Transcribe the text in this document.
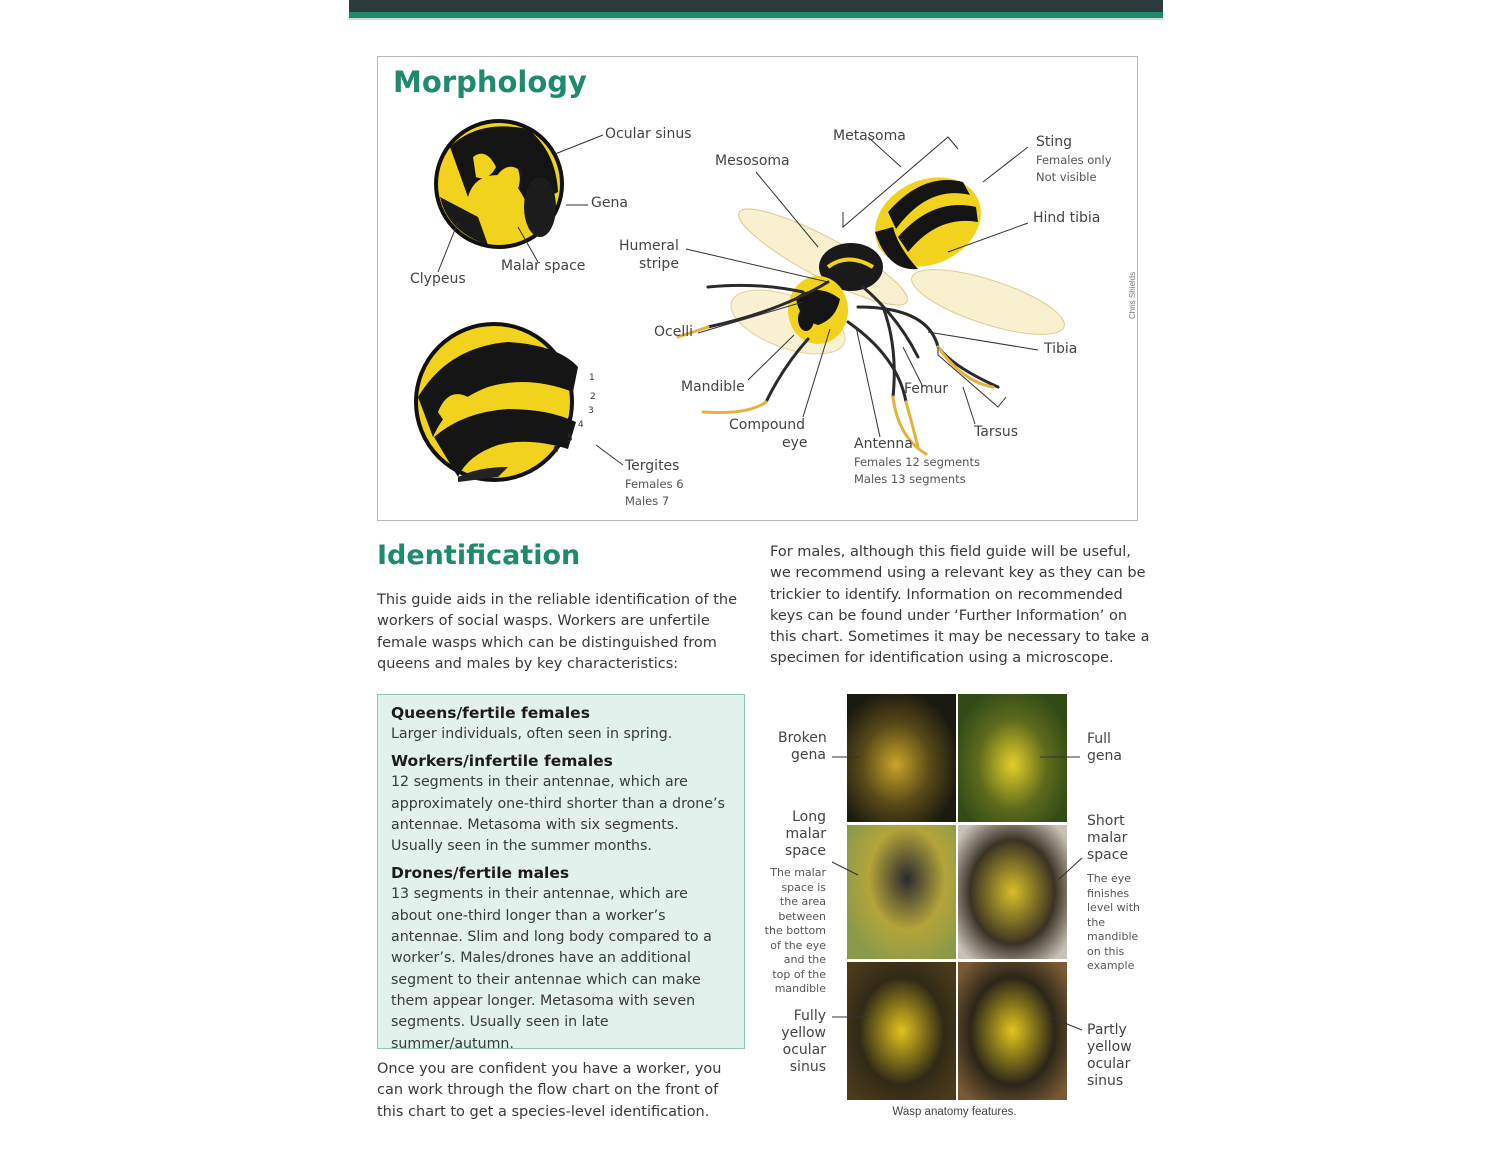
Morphology
1
2
3
4
5
6
Ocular sinus
Gena
Clypeus
Malar space
Metasoma
Mesosoma
Sting
Females only
Not visible
Hind tibia
Humeral
stripe
Ocelli
Mandible
Compound
eye	Antenna
Females 12 segments
Males 13 segments
Femur
Tibia
Tarsus
Tergites
Females 6
Males 7
Chris Shields
Identification
This guide aids in the reliable identification of the workers of social wasps. Workers are unfertile female wasps which can be distinguished from queens and males by key characteristics:
For males, although this field guide will be useful, we recommend using a relevant key as they can be trickier to identify. Information on recommended keys can be found under ‘Further Information’ on this chart. Sometimes it may be necessary to take a specimen for identification using a microscope.
Queens/fertile females
Larger individuals, often seen in spring.
Workers/infertile females
12 segments in their antennae, which are approximately one-third shorter than a drone’s antennae. Metasoma with six segments. Usually seen in the summer months.
Drones/fertile males
13 segments in their antennae, which are about one-third longer than a worker’s antennae. Slim and long body compared to a worker’s. Males/drones have an additional segment to their antennae which can make them appear longer. Metasoma with seven segments. Usually seen in late summer/autumn.
Once you are confident you have a worker, you can work through the flow chart on the front of this chart to get a species-level identification.
Broken
gena
Full
gena
Long
malar
space
The malar
space is
the area
between
the bottom
of the eye
and the
top of the
mandible
Short
malar
space
The eye
finishes
level with
the
mandible
on this
example
Fully
yellow
ocular
sinus
Partly
yellow
ocular
sinus
Wasp anatomy features.
